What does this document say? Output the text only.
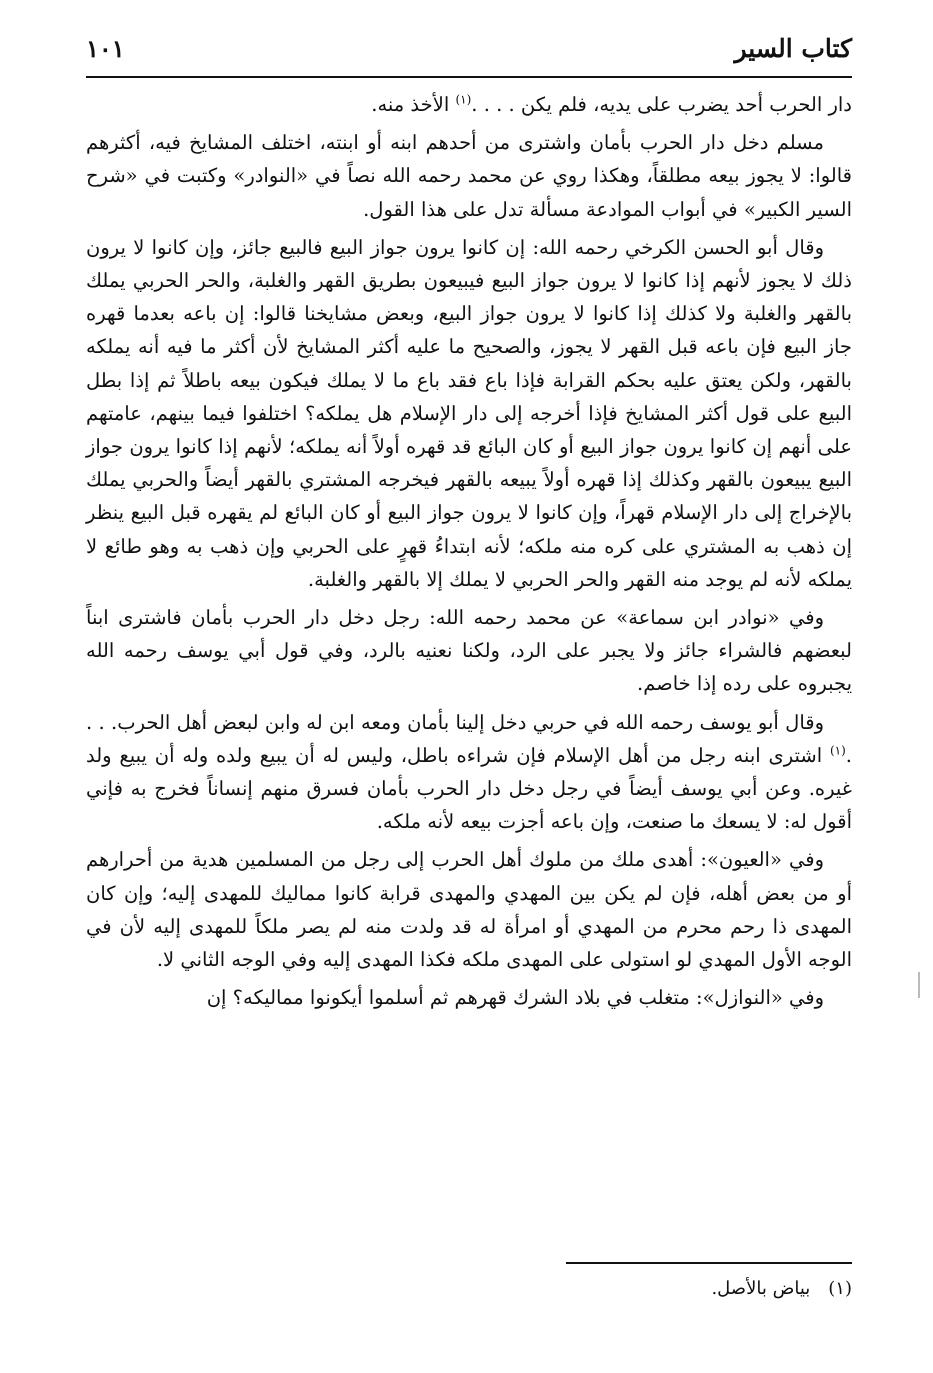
كتاب السير
١٠١

دار الحرب أحد يضرب على يديه، فلم يكن . . . .$^{(١)}$ الأخذ منه.

مسلم دخل دار الحرب بأمان واشترى من أحدهم ابنه أو ابنته، اختلف المشايخ فيه، أكثرهم قالوا: لا يجوز بيعه مطلقاً، وهكذا روي عن محمد رحمه الله نصاً في «النوادر» وكتبت في «شرح السير الكبير» في أبواب الموادعة مسألة تدل على هذا القول.

وقال أبو الحسن الكرخي رحمه الله: إن كانوا يرون جواز البيع فالبيع جائز، وإن كانوا لا يرون ذلك لا يجوز لأنهم إذا كانوا لا يرون جواز البيع فيبيعون بطريق القهر والغلبة، والحر الحربي يملك بالقهر والغلبة ولا كذلك إذا كانوا لا يرون جواز البيع، وبعض مشايخنا قالوا: إن باعه بعدما قهره جاز البيع فإن باعه قبل القهر لا يجوز، والصحيح ما عليه أكثر المشايخ لأن أكثر ما فيه أنه يملكه بالقهر، ولكن يعتق عليه بحكم القرابة فإذا باع فقد باع ما لا يملك فيكون بيعه باطلاً ثم إذا بطل البيع على قول أكثر المشايخ فإذا أخرجه إلى دار الإسلام هل يملكه؟ اختلفوا فيما بينهم، عامتهم على أنهم إن كانوا يرون جواز البيع أو كان البائع قد قهره أولاً أنه يملكه؛ لأنهم إذا كانوا يرون جواز البيع يبيعون بالقهر وكذلك إذا قهره أولاً يبيعه بالقهر فيخرجه المشتري بالقهر أيضاً والحربي يملك بالإخراج إلى دار الإسلام قهراً، وإن كانوا لا يرون جواز البيع أو كان البائع لم يقهره قبل البيع ينظر إن ذهب به المشتري على كره منه ملكه؛ لأنه ابتداءُ قهرٍ على الحربي وإن ذهب به وهو طائع لا يملكه لأنه لم يوجد منه القهر والحر الحربي لا يملك إلا بالقهر والغلبة.

وفي «نوادر ابن سماعة» عن محمد رحمه الله: رجل دخل دار الحرب بأمان فاشترى ابناً لبعضهم فالشراء جائز ولا يجبر على الرد، ولكنا نعنيه بالرد، وفي قول أبي يوسف رحمه الله يجبروه على رده إذا خاصم.

وقال أبو يوسف رحمه الله في حربي دخل إلينا بأمان ومعه ابن له وابن لبعض أهل الحرب. . . .$^{(١)}$ اشترى ابنه رجل من أهل الإسلام فإن شراءه باطل، وليس له أن يبيع ولده وله أن يبيع ولد غيره. وعن أبي يوسف أيضاً في رجل دخل دار الحرب بأمان فسرق منهم إنساناً فخرج به فإني أقول له: لا يسعك ما صنعت، وإن باعه أجزت بيعه لأنه ملكه.

وفي «العيون»: أهدى ملك من ملوك أهل الحرب إلى رجل من المسلمين هدية من أحرارهم أو من بعض أهله، فإن لم يكن بين المهدي والمهدى قرابة كانوا مماليك للمهدى إليه؛ وإن كان المهدى ذا رحم محرم من المهدي أو امرأة له قد ولدت منه لم يصر ملكاً للمهدى إليه لأن في الوجه الأول المهدي لو استولى على المهدى ملكه فكذا المهدى إليه وفي الوجه الثاني لا.

وفي «النوازل»: متغلب في بلاد الشرك قهرهم ثم أسلموا أيكونوا مماليكه؟ إن

(١)بياض بالأصل.
